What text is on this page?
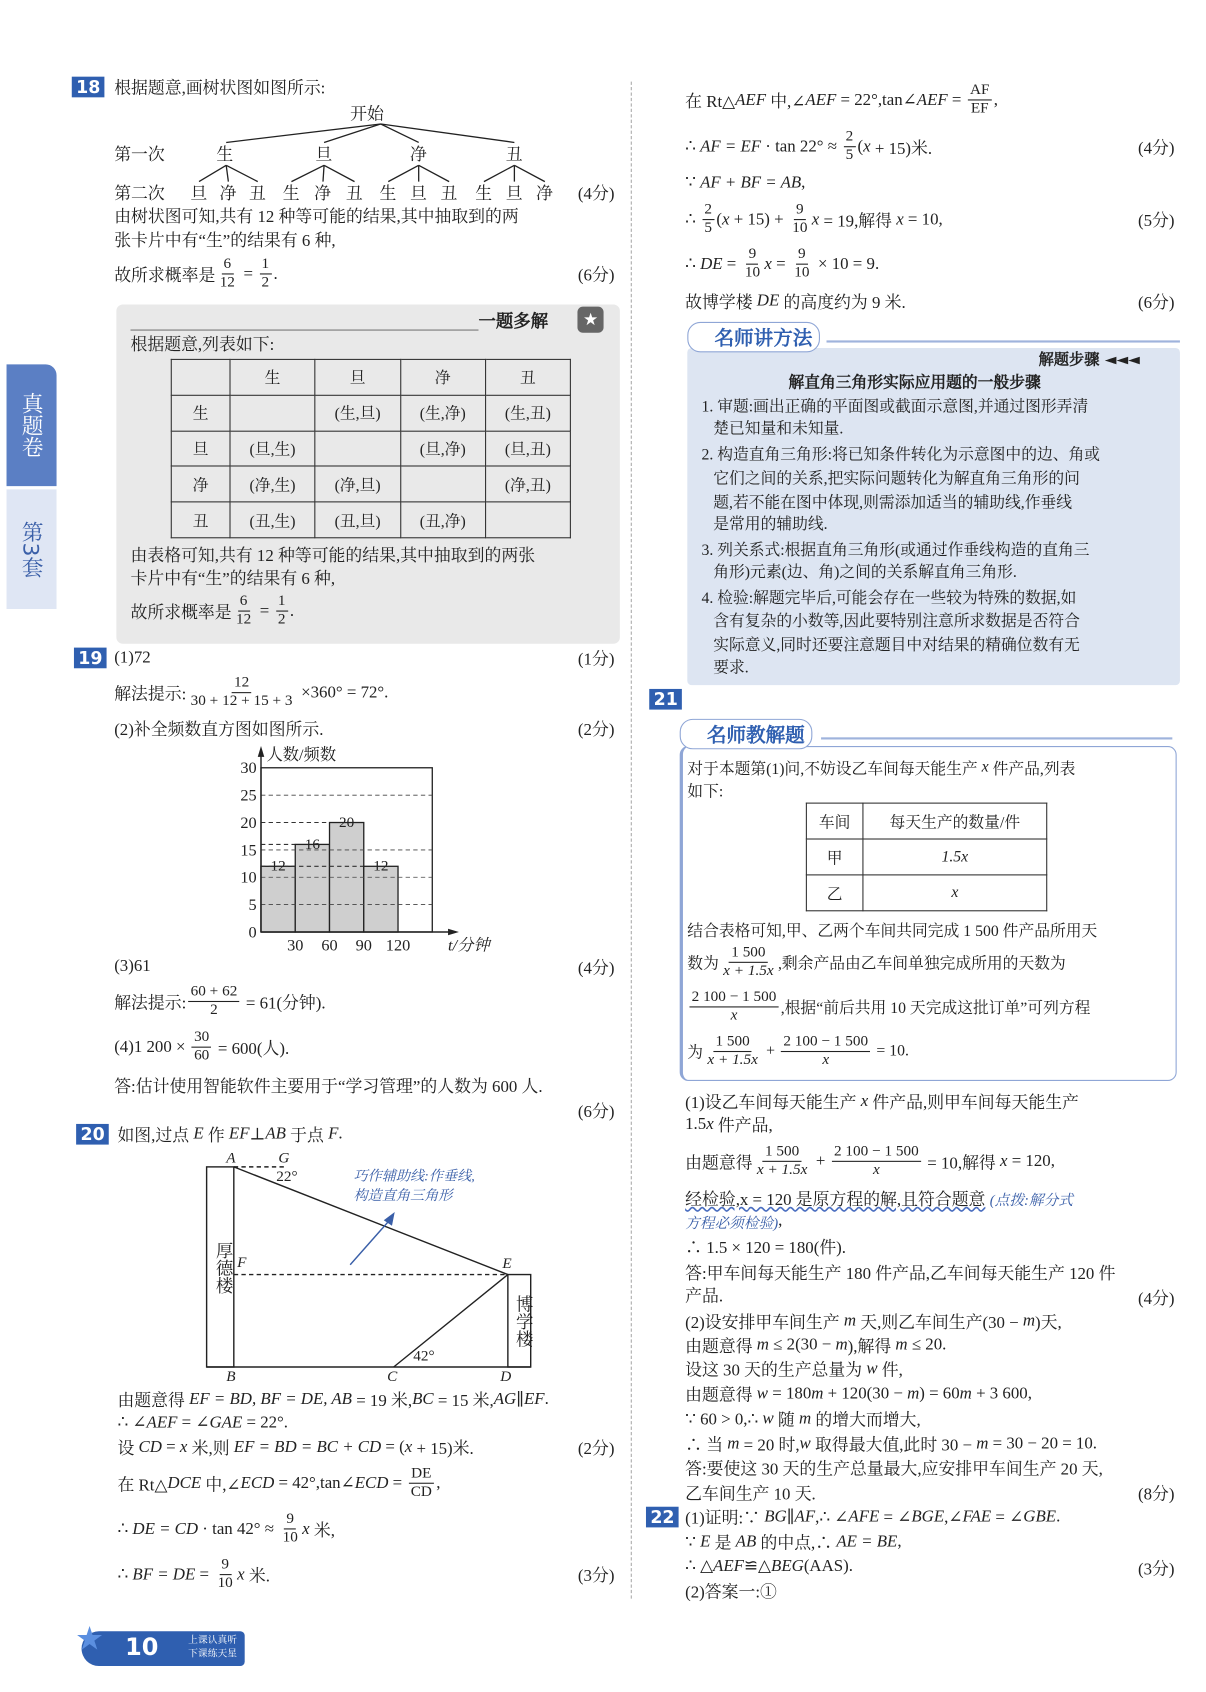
真题卷
第3套
18 根据题意,画树状图如图所示:
开始
第一次
第二次	(4分)
由树状图可知,共有 12 种等可能的结果,其中抽取到的两
张卡片中有“生”的结果有 6 种,
故所求概率是 $\frac{6}{12} = \frac{1}{2}$ .	(6分)
一题多解	★
根据题意,列表如下:
	生	旦	净	丑
生		(生,旦)	(生,净)	(生,丑)
旦	(旦,生)		(旦,净)	(旦,丑)
净	(净,生)	(净,旦)		(净,丑)
丑	(丑,生)	(丑,旦)	(丑,净)	
由表格可知,共有 12 种等可能的结果,其中抽取到的两张
卡片中有“生”的结果有 6 种,
故所求概率是 $\frac{6}{12} = \frac{1}{2}$ .
19 (1)72	(1分)
解法提示: $\frac{12}{30 + 12 + 15 + 3} \times 360^\circ = 72^\circ$.
(2)补全频数直方图如图所示.	(2分)
12
16
20
12
0
5
10
15
20
25
30
30 60 90 120
人数/频数
t/分钟
(3)61	(4分)
解法提示: $\frac{60 + 62}{2} = 61$(分钟).
(4)1 $200 \times \frac{30}{60} = 600$(人).
答:估计使用智能软件主要用于“学习管理”的人数为 600 人.
(6分)
20 如图,过点 E 作 EF ⊥ AB 于点 F .
A	G
22°
F	E
B	C	D
42°
厚德楼
博学楼
巧作辅助线:作垂线,
构造直角三角形
由题意得 EF = BD, BF = DE, AB = 19 米, BC = 15 米, AG ∥ EF .
∴ ∠ AEF = ∠ GAE = 22°.
设 CD = x 米,则 EF = BD = BC + CD = ( x + 15)米.	(2分)
在 Rt△ DCE 中,∠ ECD = 42°,tan∠ ECD = $\frac{DE}{CD}$ ,
∴ DE = CD · $\tan 42^\circ \approx \frac{9}{10}$ x 米,
∴ BF = DE = $\frac{9}{10}$ x 米.	(3分)
在 Rt△ AEF 中,∠ AEF = 22°,tan∠ AEF = $\frac{AF}{EF}$ ,
∴ AF = EF · $\tan 22^\circ \approx \frac{2}{5}$ ( x + 15)米.	(4分)
∵ AF + BF = AB ,
∴ $\frac{2}{5}$ ( $x + 15) + \frac{9}{10}$ x = 19,解得 x = 10,	(5分)
∴ DE = $\frac{9}{10}$ $x = \frac{9}{10} \times 10 = 9$.
故博学楼 DE 的高度约为 9 米.	(6分)
名师讲方法
解题步骤 ◄◄◄
解直角三角形实际应用题的一般步骤
21
名师教解题
对于本题第(1)问,不妨设乙车间每天能生产 x 件产品,列表
如下:
车间	每天生产的数量/件
甲	1.5x
乙	x
结合表格可知,甲、乙两个车间共同完成 1 500 件产品所用天
数为 $\frac{1 500}{x + 1.5x}$ ,剩余产品由乙车间单独完成所用的天数为
$\frac{2 100 - 1 500}{x}$ ,根据“前后共用 10 天完成这批订单”可列方程
为 $\frac{1 500}{x + 1.5x} + \frac{2 100 - 1 500}{x} = 10$.
(1)设乙车间每天能生产 x 件产品,则甲车间每天能生产
1.5 x 件产品,
由题意得 $\frac{1 500}{x + 1.5x} + \frac{2 100 - 1 500}{x} = 10$,解得 x = 120,
经检验,x = 120 是原方程的解,且符合题意 (点拨:解分式
方程必须检验) ,
∴ 1.5 × 120 = 180(件).
答:甲车间每天能生产 180 件产品,乙车间每天能生产 120 件
产品.	(4分)
(2)设安排甲车间生产 m 天,则乙车间生产(30 − m )天,
由题意得 m ≤ 2(30 − m ),解得 m ≤ 20.
设这 30 天的生产总量为 w 件,
由题意得 w = 180 m + 120(30 − m ) = 60 m + 3 600,
∵ 60 > 0,∴ w 随 m 的增大而增大,
∴ 当 m = 20 时, w 取得最大值,此时 30 − m = 30 − 20 = 10.
答:要使这 30 天的生产总量最大,应安排甲车间生产 20 天,
乙车间生产 10 天.	(8分)
22 (1)证明:∵ BG ∥ AF ,∴ ∠ AFE = ∠ BGE ,∠ FAE = ∠ GBE .
∵ E 是 AB 的中点,∴ AE = BE ,
∴ △ AEF ≌△ BEG (AAS).	(3分)
(2)答案一:①
★ 10	上课认真听
下课练天星
生	旦	净	丑
旦 净 丑 生 净 丑 生 旦 丑 生 旦 净
1. 审题:画出正确的平面图或截面示意图,并通过图形弄清
楚已知量和未知量.
2. 构造直角三角形:将已知条件转化为示意图中的边、角或
它们之间的关系,把实际问题转化为解直角三角形的问
题,若不能在图中体现,则需添加适当的辅助线,作垂线
是常用的辅助线.
3. 列关系式:根据直角三角形(或通过作垂线构造的直角三
角形)元素(边、角)之间的关系解直角三角形.
4. 检验:解题完毕后,可能会存在一些较为特殊的数据,如
含有复杂的小数等,因此要特别注意所求数据是否符合
实际意义,同时还要注意题目中对结果的精确位数有无
要求.
